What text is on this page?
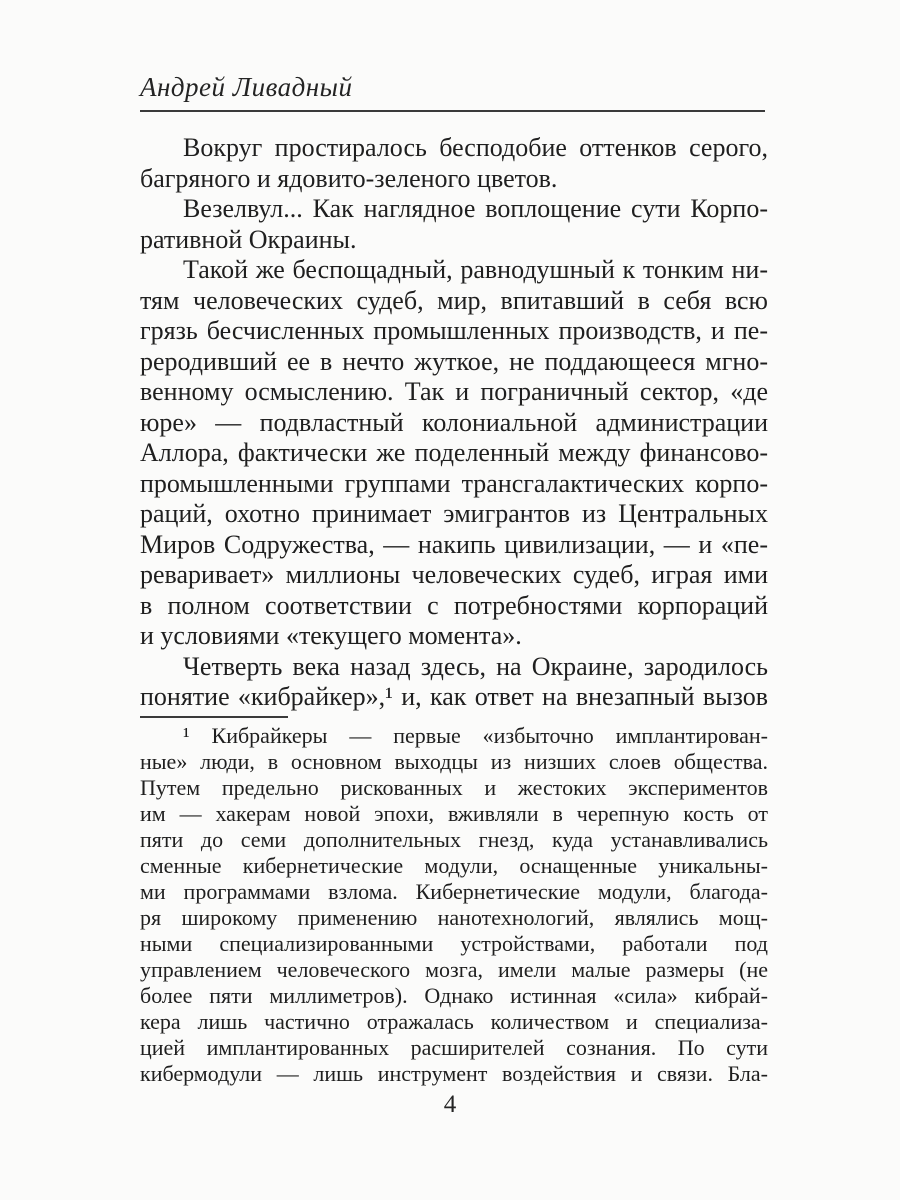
Андрей Ливадный
Вокруг простиралось бесподобие оттенков серого,
багряного и ядовито-зеленого цветов.
Везелвул... Как наглядное воплощение сути Корпо-
ративной Окраины.
Такой же беспощадный, равнодушный к тонким ни-
тям человеческих судеб, мир, впитавший в себя всю
грязь бесчисленных промышленных производств, и пе-
реродивший ее в нечто жуткое, не поддающееся мгно-
венному осмыслению. Так и пограничный сектор, «де
юре» — подвластный колониальной администрации
Аллора, фактически же поделенный между финансово-
промышленными группами трансгалактических корпо-
раций, охотно принимает эмигрантов из Центральных
Миров Содружества, — накипь цивилизации, — и «пе-
реваривает» миллионы человеческих судеб, играя ими
в полном соответствии с потребностями корпораций
и условиями «текущего момента».
Четверть века назад здесь, на Окраине, зародилось
понятие «кибрайкер»,¹ и, как ответ на внезапный вызов
¹ Кибрайкеры — первые «избыточно имплантирован-
ные» люди, в основном выходцы из низших слоев общества.
Путем предельно рискованных и жестоких экспериментов
им — хакерам новой эпохи, вживляли в черепную кость от
пяти до семи дополнительных гнезд, куда устанавливались
сменные кибернетические модули, оснащенные уникальны-
ми программами взлома. Кибернетические модули, благода-
ря широкому применению нанотехнологий, являлись мощ-
ными специализированными устройствами, работали под
управлением человеческого мозга, имели малые размеры (не
более пяти миллиметров). Однако истинная «сила» кибрай-
кера лишь частично отражалась количеством и специализа-
цией имплантированных расширителей сознания. По сути
кибермодули — лишь инструмент воздействия и связи. Бла-
4
